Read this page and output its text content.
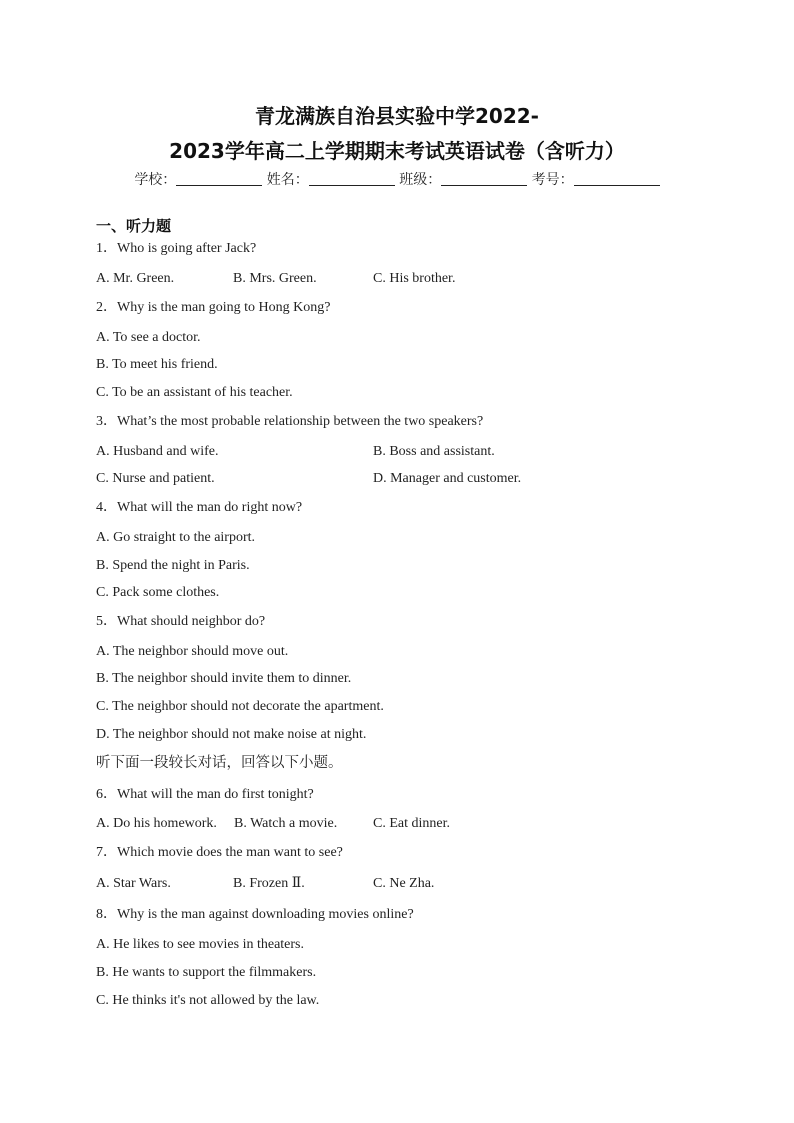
青龙满族自治县实验中学2022-
2023学年高二上学期期末考试英语试卷（含听力）
学校：	姓名：	班级：	考号：
一、听力题
1．Who is going after Jack?
A. Mr. Green.	B. Mrs. Green.	C. His brother.
2．Why is the man going to Hong Kong?
A. To see a doctor.
B. To meet his friend.
C. To be an assistant of his teacher.
3．What’s the most probable relationship between the two speakers?
A. Husband and wife.	B. Boss and assistant.
C. Nurse and patient.	D. Manager and customer.
4．What will the man do right now?
A. Go straight to the airport.
B. Spend the night in Paris.
C. Pack some clothes.
5．What should neighbor do?
A. The neighbor should move out.
B. The neighbor should invite them to dinner.
C. The neighbor should not decorate the apartment.
D. The neighbor should not make noise at night.
听下面一段较长对话，回答以下小题。
6．What will the man do first tonight?
A. Do his homework. B. Watch a movie.	C. Eat dinner.
7．Which movie does the man want to see?
A. Star Wars.	B. Frozen Ⅱ.	C. Ne Zha.
8．Why is the man against downloading movies online?
A. He likes to see movies in theaters.
B. He wants to support the filmmakers.
C. He thinks it's not allowed by the law.
